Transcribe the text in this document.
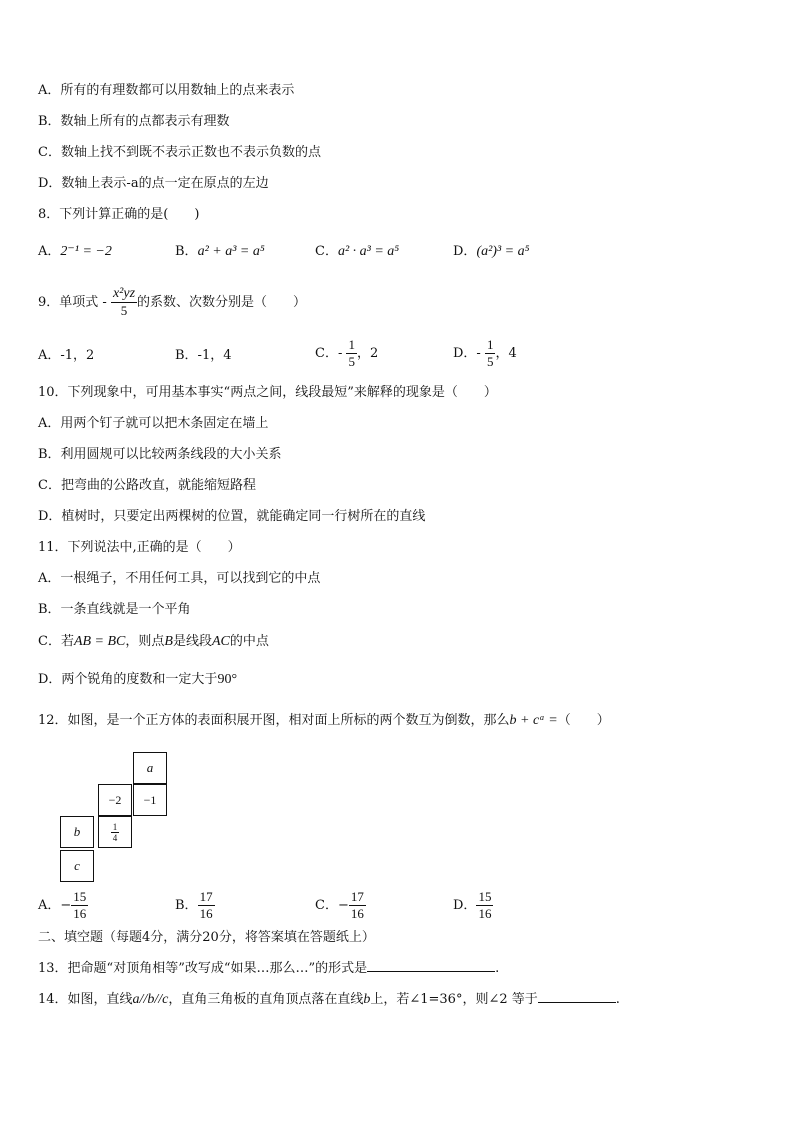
A．所有的有理数都可以用数轴上的点来表示
B．数轴上所有的点都表示有理数
C．数轴上找不到既不表示正数也不表示负数的点
D．数轴上表示-a的点一定在原点的左边
8．下列计算正确的是(　　)
A．2⁻¹ = −2	B．a² + a³ = a⁵	C．a² · a³ = a⁵	D．(a²)³ = a⁵
9．单项式 - $\frac{\text{x²yz}}{5}$ 的系数、次数分别是（　　）
A．-1，2	B．-1，4	C．- $\frac{1}{5}$ ，2	D．- $\frac{1}{5}$ ，4
10．下列现象中，可用基本事实“两点之间，线段最短”来解释的现象是（　　）
A．用两个钉子就可以把木条固定在墙上
B．利用圆规可以比较两条线段的大小关系
C．把弯曲的公路改直，就能缩短路程
D．植树时，只要定出两棵树的位置，就能确定同一行树所在的直线
11．下列说法中,正确的是（　　）
A．一根绳子，不用任何工具，可以找到它的中点
B．一条直线就是一个平角
C．若AB = BC，则点B是线段AC的中点
D．两个锐角的度数和一定大于90°
12．如图，是一个正方体的表面积展开图，相对面上所标的两个数互为倒数，那么b + cᵃ =（　　）
a
−2	−1
b	$\frac{1}{4}$
c
A．− $\frac{15}{16}$	B． $\frac{17}{16}$	C．− $\frac{17}{16}$	D． $\frac{15}{16}$
二、填空题（每题4分，满分20分，将答案填在答题纸上）
13．把命题“对顶角相等”改写成“如果…那么…”的形式是	.
14．如图，直线a//b//c，直角三角板的直角顶点落在直线b上，若∠1=36°，则∠2 等于	.
